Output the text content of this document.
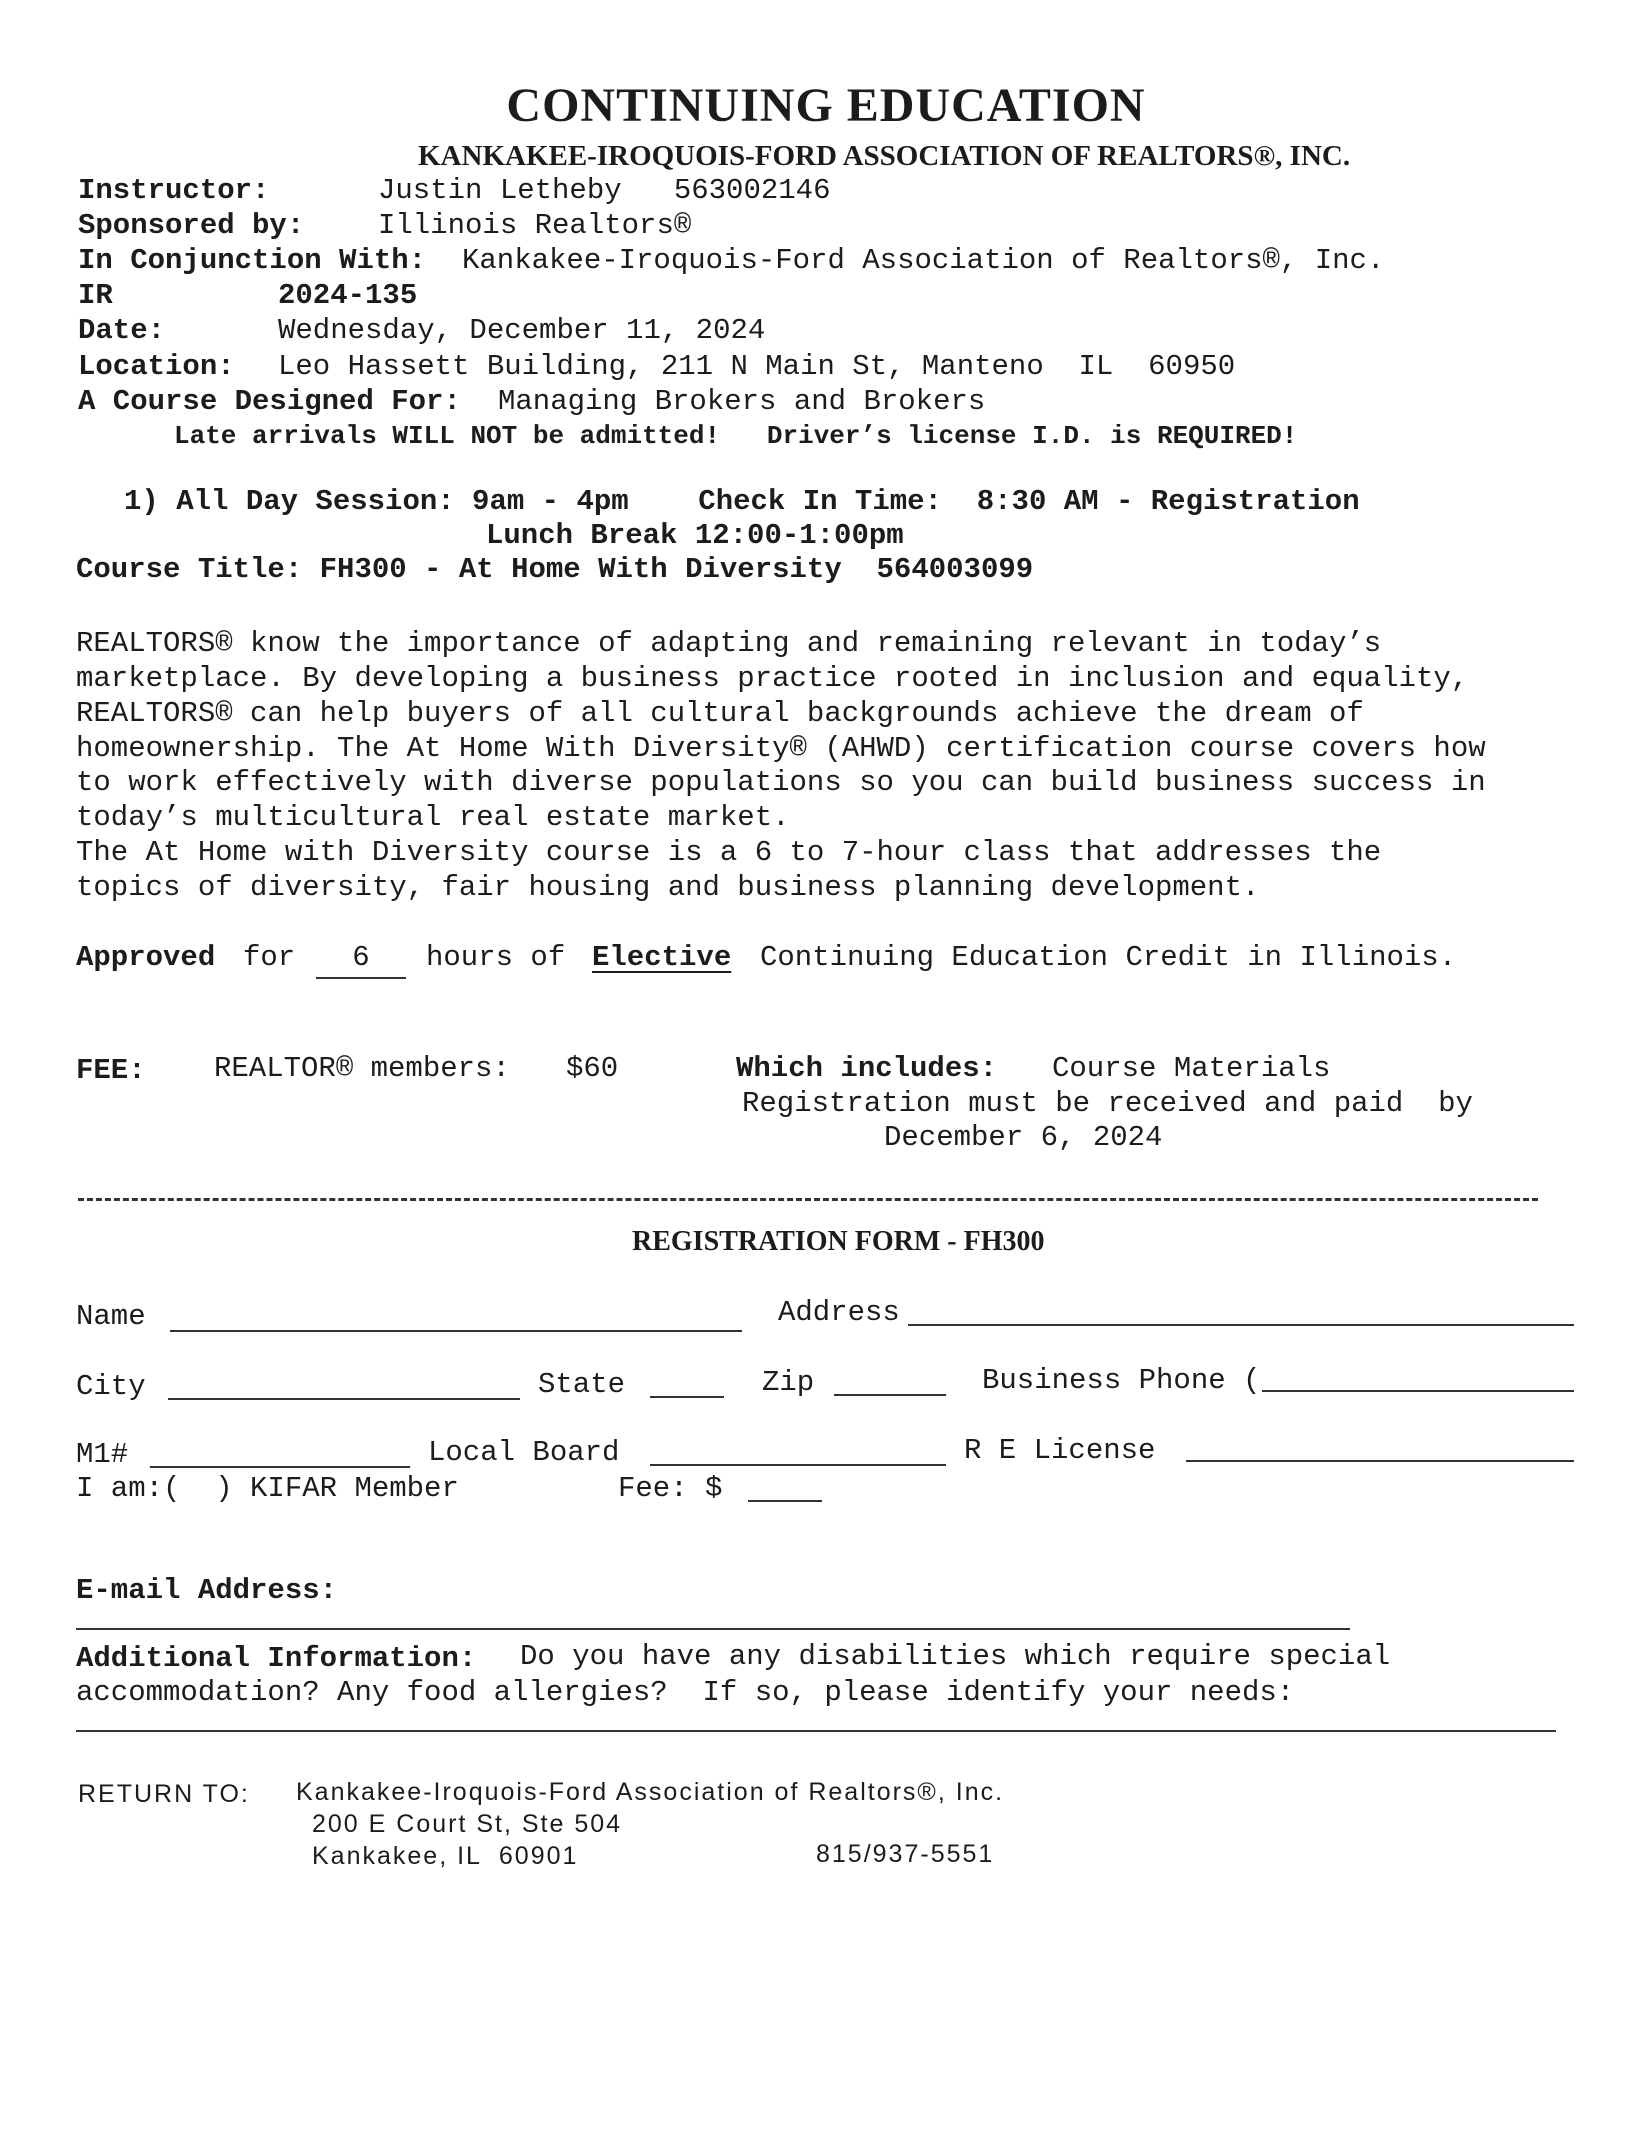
CONTINUING EDUCATION
KANKAKEE-IROQUOIS-FORD ASSOCIATION OF REALTORS®, INC.
Instructor:	Justin Letheby   563002146
Sponsored by:	Illinois Realtors®
In Conjunction With: Kankakee-Iroquois-Ford Association of Realtors®, Inc.
IR	2024-135
Date:	Wednesday, December 11, 2024
Location: Leo Hassett Building, 211 N Main St, Manteno  IL  60950
A Course Designed For: Managing Brokers and Brokers
Late arrivals WILL NOT be admitted!   Driver’s license I.D. is REQUIRED!
1) All Day Session: 9am - 4pm    Check In Time:  8:30 AM - Registration
Lunch Break 12:00-1:00pm
Course Title: FH300 - At Home With Diversity  564003099
REALTORS® know the importance of adapting and remaining relevant in today’s
marketplace. By developing a business practice rooted in inclusion and equality,
REALTORS® can help buyers of all cultural backgrounds achieve the dream of
homeownership. The At Home With Diversity® (AHWD) certification course covers how
to work effectively with diverse populations so you can build business success in
today’s multicultural real estate market.
The At Home with Diversity course is a 6 to 7-hour class that addresses the
topics of diversity, fair housing and business planning development.
Approved for	6	hours of Elective Continuing Education Credit in Illinois.
FEE: REALTOR® members: $60	Which includes: Course Materials
Registration must be received and paid  by
December 6, 2024
REGISTRATION FORM - FH300
Name	Address
City	State	Zip	Business Phone (
M1#	Local Board	R E License
I am:(  ) KIFAR Member	Fee: $
E-mail Address:
Additional Information: Do you have any disabilities which require special
accommodation? Any food allergies?  If so, please identify your needs:
RETURN TO: Kankakee-Iroquois-Ford Association of Realtors®, Inc.
200 E Court St, Ste 504
Kankakee, IL  60901	815/937-5551
